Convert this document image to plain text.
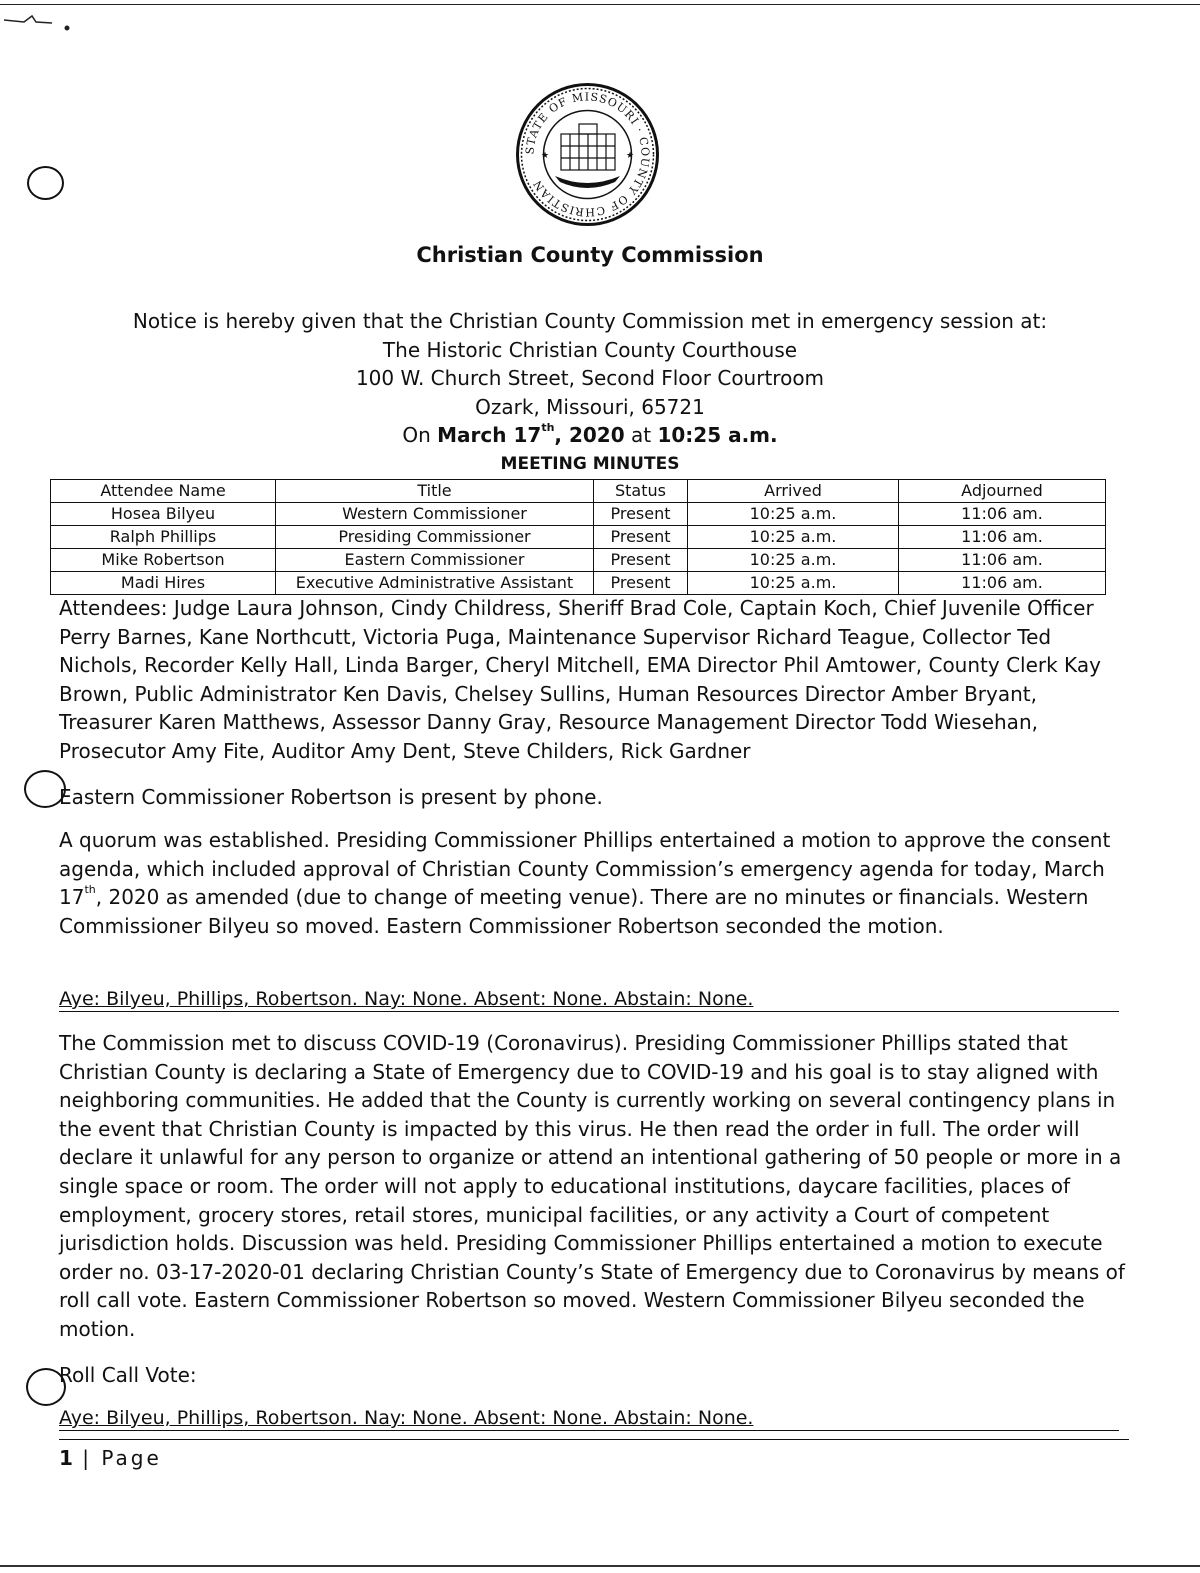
STATE OF MISSOURI · COUNTY OF CHRISTIAN
★	★
Christian County Commission
Notice is hereby given that the Christian County Commission met in emergency session at:
The Historic Christian County Courthouse
100 W. Church Street, Second Floor Courtroom
Ozark, Missouri, 65721
On March 17th, 2020 at 10:25 a.m.
MEETING MINUTES
Attendee Name	Title	Status	Arrived	Adjourned
Hosea Bilyeu	Western Commissioner	Present	10:25 a.m.	11:06 am.
Ralph Phillips	Presiding Commissioner	Present	10:25 a.m.	11:06 am.
Mike Robertson	Eastern Commissioner	Present	10:25 a.m.	11:06 am.
Madi Hires	Executive Administrative Assistant	Present	10:25 a.m.	11:06 am.

Attendees: Judge Laura Johnson, Cindy Childress, Sheriff Brad Cole, Captain Koch, Chief Juvenile Officer Perry Barnes, Kane Northcutt, Victoria Puga, Maintenance Supervisor Richard Teague, Collector Ted Nichols, Recorder Kelly Hall, Linda Barger, Cheryl Mitchell, EMA Director Phil Amtower, County Clerk Kay Brown, Public Administrator Ken Davis, Chelsey Sullins, Human Resources Director Amber Bryant, Treasurer Karen Matthews, Assessor Danny Gray, Resource Management Director Todd Wiesehan, Prosecutor Amy Fite, Auditor Amy Dent, Steve Childers, Rick Gardner

Eastern Commissioner Robertson is present by phone.

A quorum was established. Presiding Commissioner Phillips entertained a motion to approve the consent agenda, which included approval of Christian County Commission’s emergency agenda for today, March 17th, 2020 as amended (due to change of meeting venue). There are no minutes or financials. Western Commissioner Bilyeu so moved. Eastern Commissioner Robertson seconded the motion.

Aye: Bilyeu, Phillips, Robertson. Nay: None. Absent: None. Abstain: None.

The Commission met to discuss COVID-19 (Coronavirus). Presiding Commissioner Phillips stated that Christian County is declaring a State of Emergency due to COVID-19 and his goal is to stay aligned with neighboring communities. He added that the County is currently working on several contingency plans in the event that Christian County is impacted by this virus. He then read the order in full. The order will declare it unlawful for any person to organize or attend an intentional gathering of 50 people or more in a single space or room. The order will not apply to educational institutions, daycare facilities, places of employment, grocery stores, retail stores, municipal facilities, or any activity a Court of competent jurisdiction holds. Discussion was held. Presiding Commissioner Phillips entertained a motion to execute order no. 03-17-2020-01 declaring Christian County’s State of Emergency due to Coronavirus by means of roll call vote. Eastern Commissioner Robertson so moved. Western Commissioner Bilyeu seconded the motion.

Roll Call Vote:

Aye: Bilyeu, Phillips, Robertson. Nay: None. Absent: None. Abstain: None.
1 | Page
